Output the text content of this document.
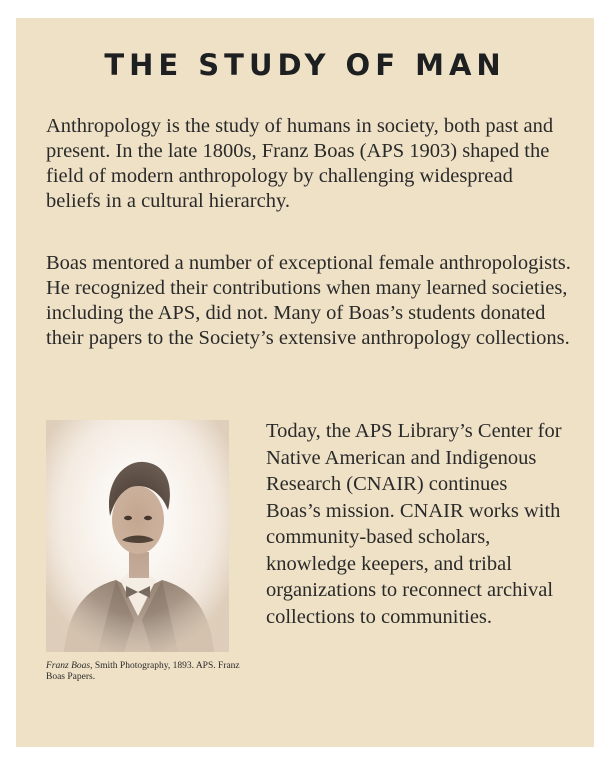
THE STUDY OF MAN

Anthropology is the study of humans in society, both past and present. In the late 1800s, Franz Boas (APS 1903) shaped the field of modern anthropology by challenging widespread beliefs in a cultural hierarchy.

Boas mentored a number of exceptional female anthropologists. He recognized their contributions when many learned societies, including the APS, did not. Many of Boas’s students donated their papers to the Society’s extensive anthropology collections.

Franz Boas, Smith Photography, 1893. APS. Franz Boas Papers.

Today, the APS Library’s Center for Native American and Indigenous Research (CNAIR) continues Boas’s mission. CNAIR works with community-based scholars, knowledge keepers, and tribal organizations to reconnect archival collections to communities.
